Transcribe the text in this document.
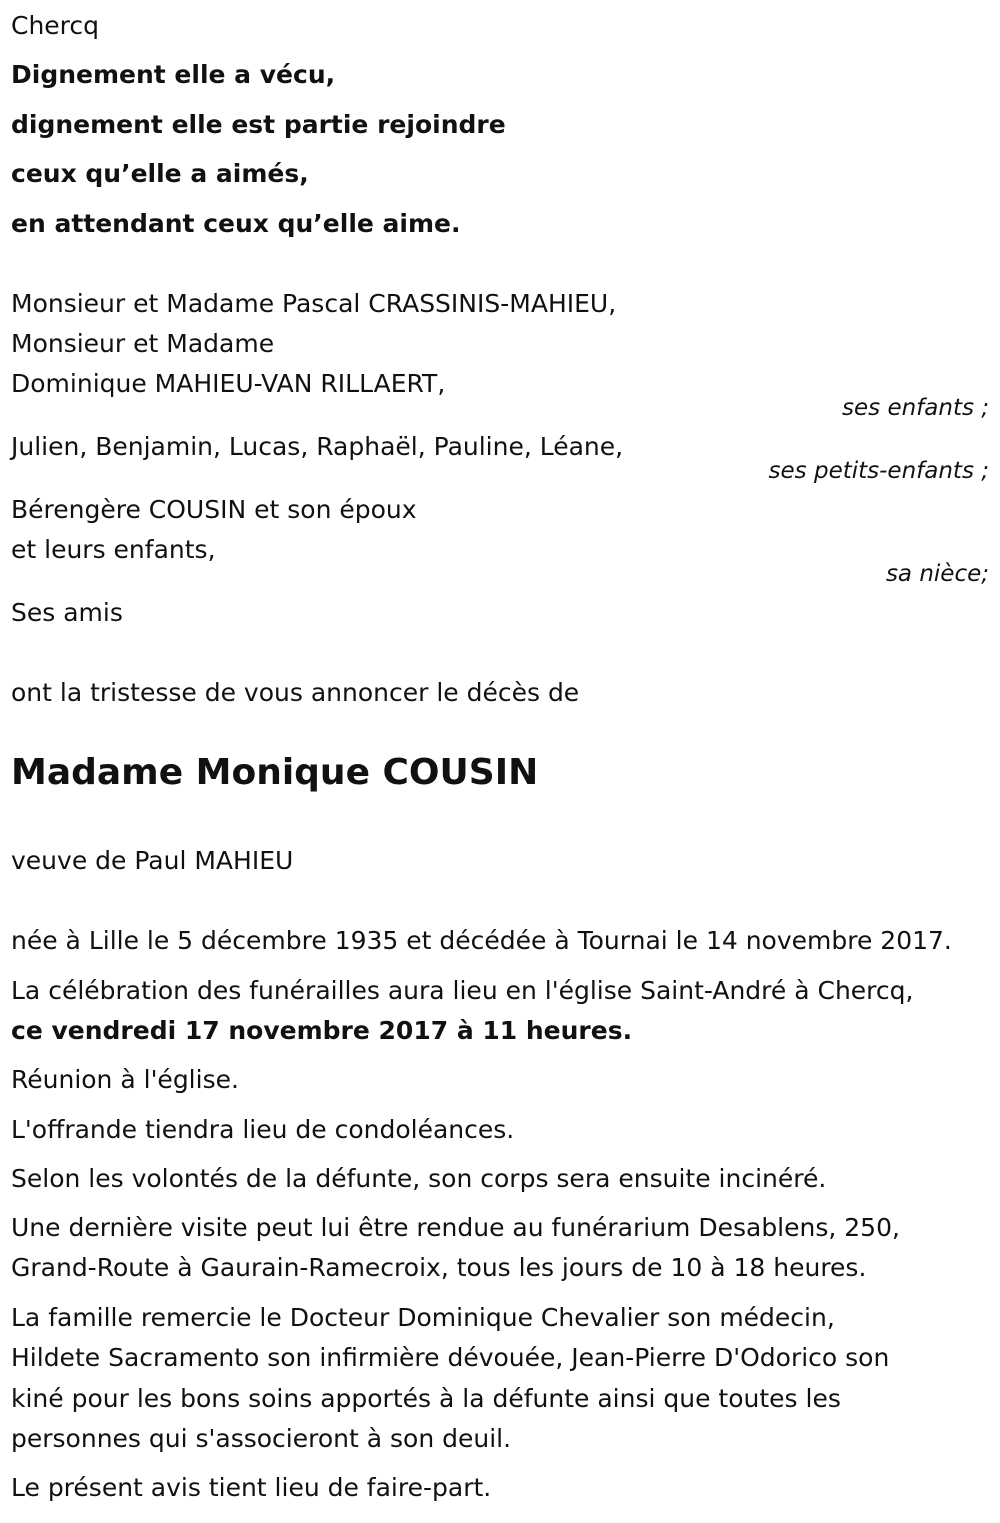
Chercq
Dignement elle a vécu,
dignement elle est partie rejoindre
ceux qu’elle a aimés,
en attendant ceux qu’elle aime.
Monsieur et Madame Pascal CRASSINIS-MAHIEU,
Monsieur et Madame
Dominique MAHIEU-VAN RILLAERT,
ses enfants ;
Julien, Benjamin, Lucas, Raphaël, Pauline, Léane,
ses petits-enfants ;
Bérengère COUSIN et son époux
et leurs enfants,
sa nièce;
Ses amis
ont la tristesse de vous annoncer le décès de
Madame Monique COUSIN
veuve de Paul MAHIEU
née à Lille le 5 décembre 1935 et décédée à Tournai le 14 novembre 2017.
La célébration des funérailles aura lieu en l'église Saint-André à Chercq,
ce vendredi 17 novembre 2017 à 11 heures.
Réunion à l'église.
L'offrande tiendra lieu de condoléances.
Selon les volontés de la défunte, son corps sera ensuite incinéré.
Une dernière visite peut lui être rendue au funérarium Desablens, 250,
Grand-Route à Gaurain-Ramecroix, tous les jours de 10 à 18 heures.
La famille remercie le Docteur Dominique Chevalier son médecin,
Hildete Sacramento son infirmière dévouée, Jean-Pierre D'Odorico son
kiné pour les bons soins apportés à la défunte ainsi que toutes les
personnes qui s'associeront à son deuil.
Le présent avis tient lieu de faire-part.
